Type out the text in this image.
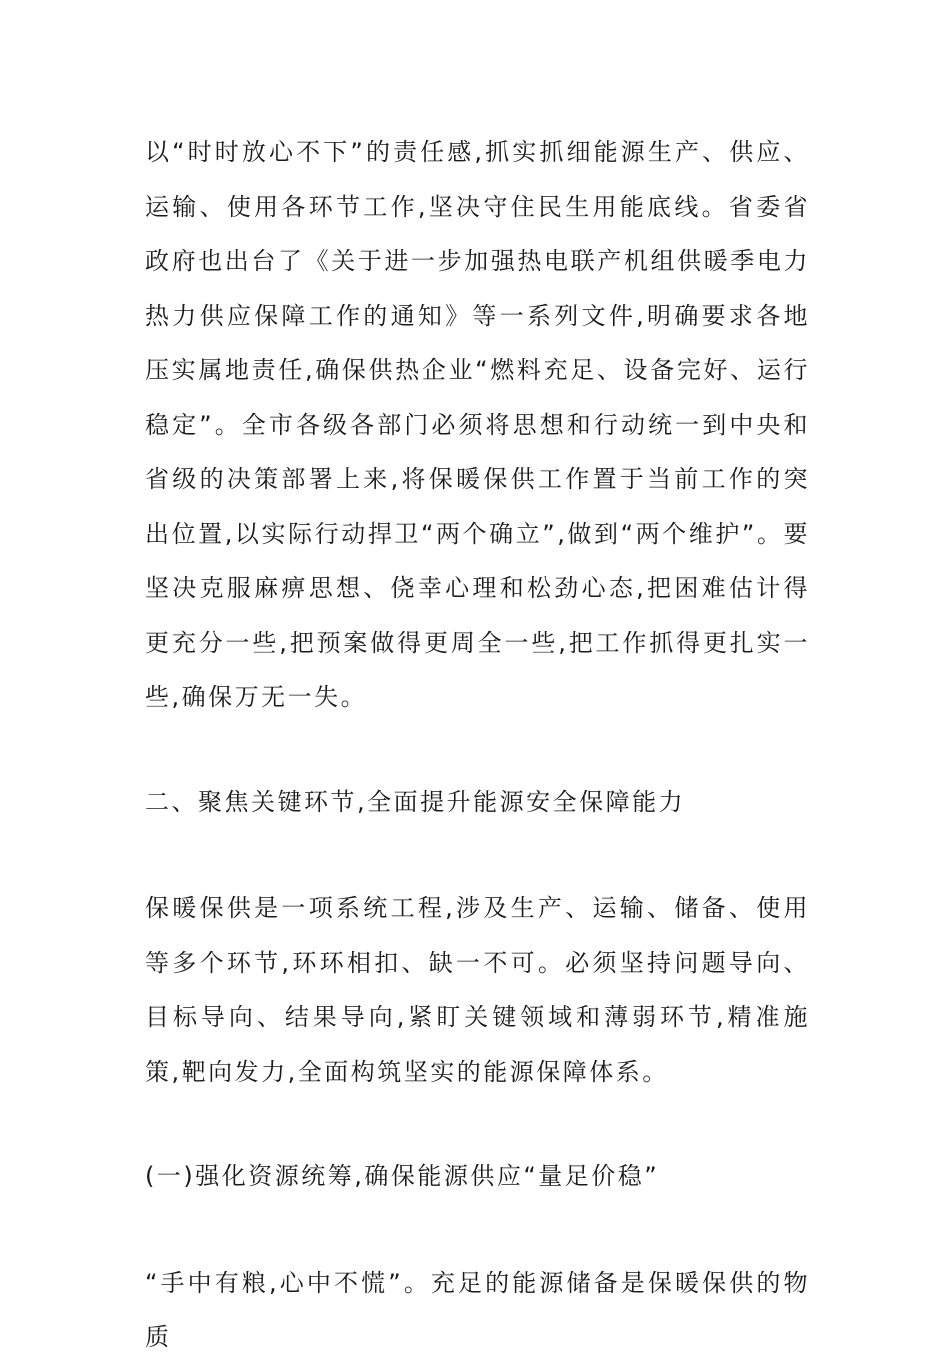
以“时时放心不下”的责任感,抓实抓细能源生产、供应、运输、使用各环节工作,坚决守住民生用能底线。省委省政府也出台了《关于进一步加强热电联产机组供暖季电力热力供应保障工作的通知》等一系列文件,明确要求各地压实属地责任,确保供热企业“燃料充足、设备完好、运行稳定”。全市各级各部门必须将思想和行动统一到中央和省级的决策部署上来,将保暖保供工作置于当前工作的突出位置,以实际行动捍卫“两个确立”,做到“两个维护”。要坚决克服麻痹思想、侥幸心理和松劲心态,把困难估计得更充分一些,把预案做得更周全一些,把工作抓得更扎实一些,确保万无一失。

二、聚焦关键环节,全面提升能源安全保障能力

保暖保供是一项系统工程,涉及生产、运输、储备、使用等多个环节,环环相扣、缺一不可。必须坚持问题导向、目标导向、结果导向,紧盯关键领域和薄弱环节,精准施策,靶向发力,全面构筑坚实的能源保障体系。

(一)强化资源统筹,确保能源供应“量足价稳”

“手中有粮,心中不慌”。充足的能源储备是保暖保供的物质
